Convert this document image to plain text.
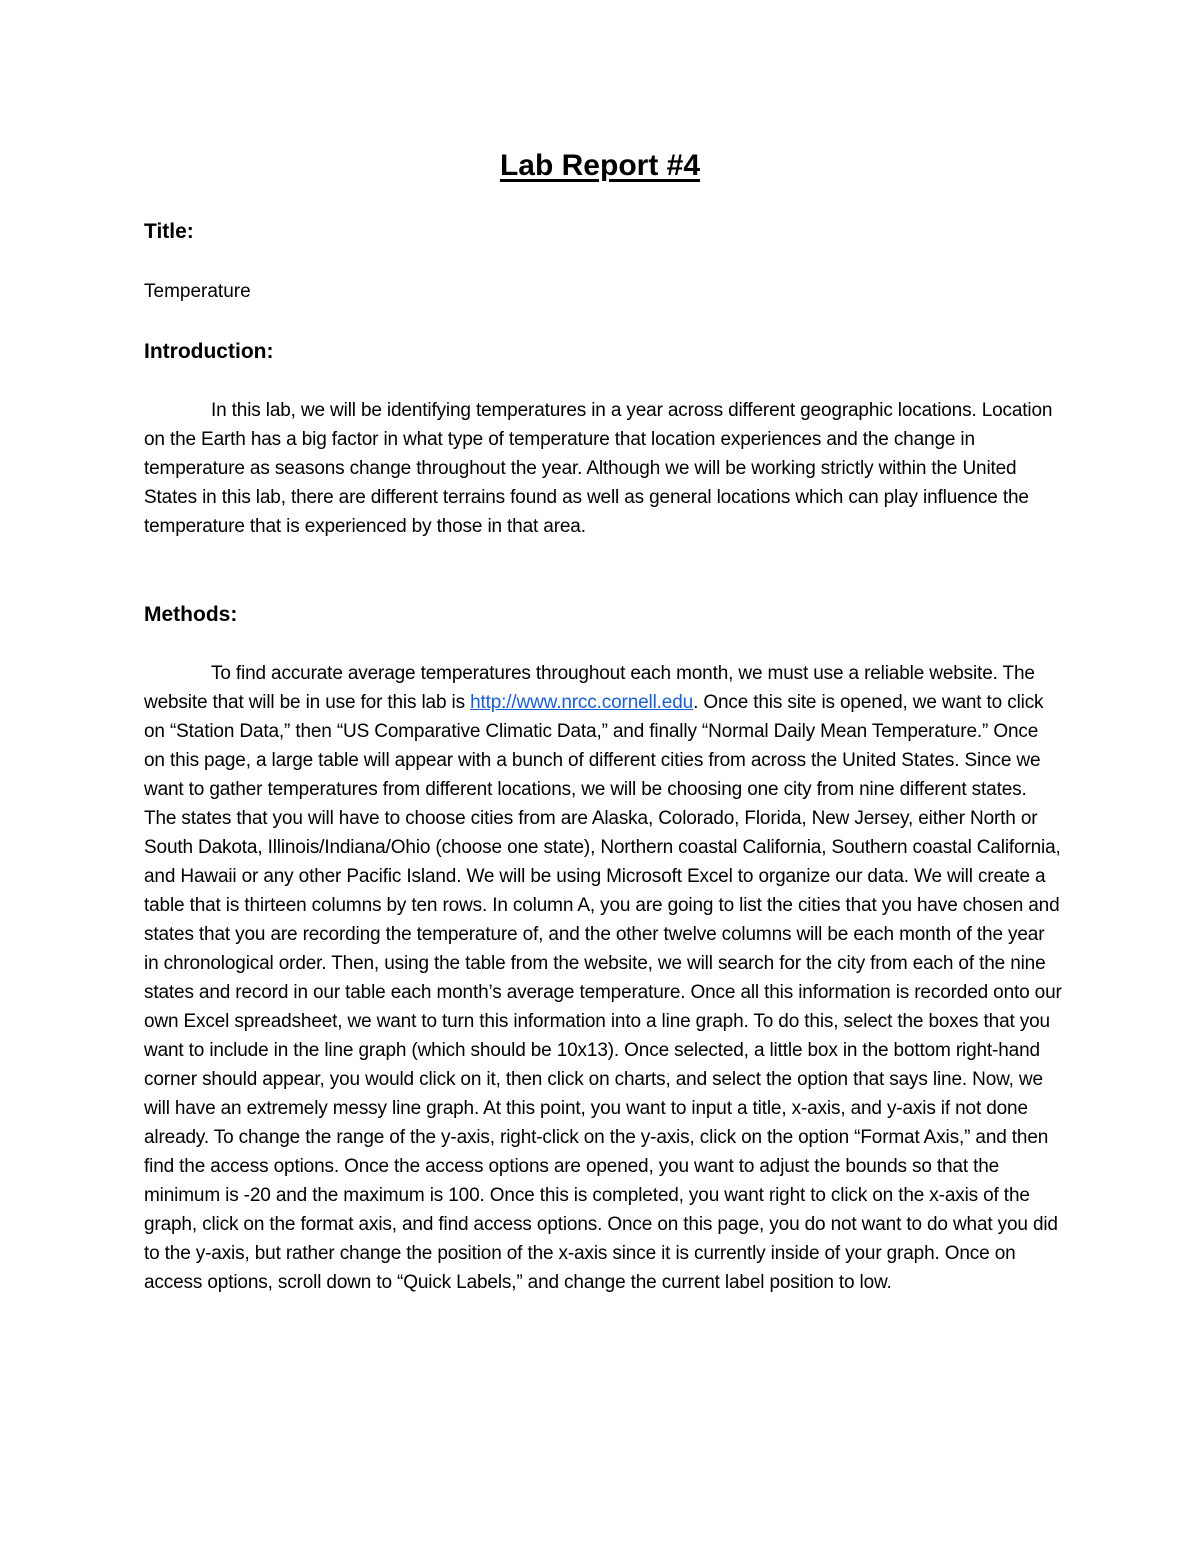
Lab Report #4
Title:

Temperature

Introduction:

In this lab, we will be identifying temperatures in a year across different geographic locations. Location on the Earth has a big factor in what type of temperature that location experiences and the change in temperature as seasons change throughout the year. Although we will be working strictly within the United States in this lab, there are different terrains found as well as general locations which can play influence the temperature that is experienced by those in that area.

Methods:

To find accurate average temperatures throughout each month, we must use a reliable website. The website that will be in use for this lab is http://www.nrcc.cornell.edu. Once this site is opened, we want to click on “Station Data,” then “US Comparative Climatic Data,” and finally “Normal Daily Mean Temperature.” Once on this page, a large table will appear with a bunch of different cities from across the United States. Since we want to gather temperatures from different locations, we will be choosing one city from nine different states. The states that you will have to choose cities from are Alaska, Colorado, Florida, New Jersey, either North or South Dakota, Illinois/Indiana/Ohio (choose one state), Northern coastal California, Southern coastal California, and Hawaii or any other Pacific Island. We will be using Microsoft Excel to organize our data. We will create a table that is thirteen columns by ten rows. In column A, you are going to list the cities that you have chosen and states that you are recording the temperature of, and the other twelve columns will be each month of the year in chronological order. Then, using the table from the website, we will search for the city from each of the nine states and record in our table each month’s average temperature. Once all this information is recorded onto our own Excel spreadsheet, we want to turn this information into a line graph. To do this, select the boxes that you want to include in the line graph (which should be 10x13). Once selected, a little box in the bottom right-hand corner should appear, you would click on it, then click on charts, and select the option that says line. Now, we will have an extremely messy line graph. At this point, you want to input a title, x-axis, and y-axis if not done already. To change the range of the y-axis, right-click on the y-axis, click on the option “Format Axis,” and then find the access options. Once the access options are opened, you want to adjust the bounds so that the minimum is -20 and the maximum is 100. Once this is completed, you want right to click on the x-axis of the graph, click on the format axis, and find access options. Once on this page, you do not want to do what you did to the y-axis, but rather change the position of the x-axis since it is currently inside of your graph. Once on access options, scroll down to “Quick Labels,” and change the current label position to low.
